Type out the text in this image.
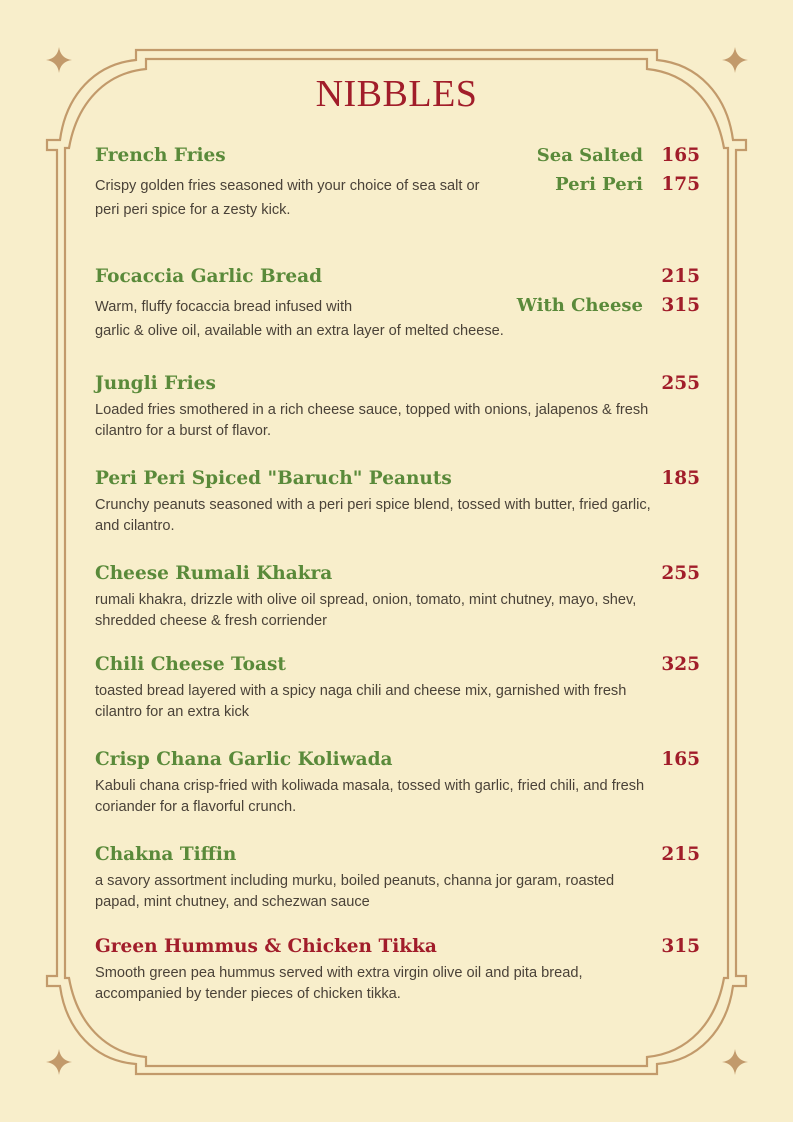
NIBBLES
French Fries	Sea Salted 165
Peri Peri 175
Crispy golden fries seasoned with your choice of sea salt or
peri peri spice for a zesty kick.
Focaccia Garlic Bread	215
With Cheese 315
Warm, fluffy focaccia bread infused with
garlic & olive oil, available with an extra layer of melted cheese.
Jungli Fries	255
Loaded fries smothered in a rich cheese sauce, topped with onions, jalapenos & fresh
cilantro for a burst of flavor.
Peri Peri Spiced "Baruch" Peanuts	185
Crunchy peanuts seasoned with a peri peri spice blend, tossed with butter, fried garlic,
and cilantro.
Cheese Rumali Khakra	255
rumali khakra, drizzle with olive oil spread, onion, tomato, mint chutney, mayo, shev,
shredded cheese & fresh corriender
Chili Cheese Toast	325
toasted bread layered with a spicy naga chili and cheese mix, garnished with fresh
cilantro for an extra kick
Crisp Chana Garlic Koliwada	165
Kabuli chana crisp-fried with koliwada masala, tossed with garlic, fried chili, and fresh
coriander for a flavorful crunch.
Chakna Tiffin	215
a savory assortment including murku, boiled peanuts, channa jor garam, roasted
papad, mint chutney, and schezwan sauce
Green Hummus & Chicken Tikka	315
Smooth green pea hummus served with extra virgin olive oil and pita bread,
accompanied by tender pieces of chicken tikka.
